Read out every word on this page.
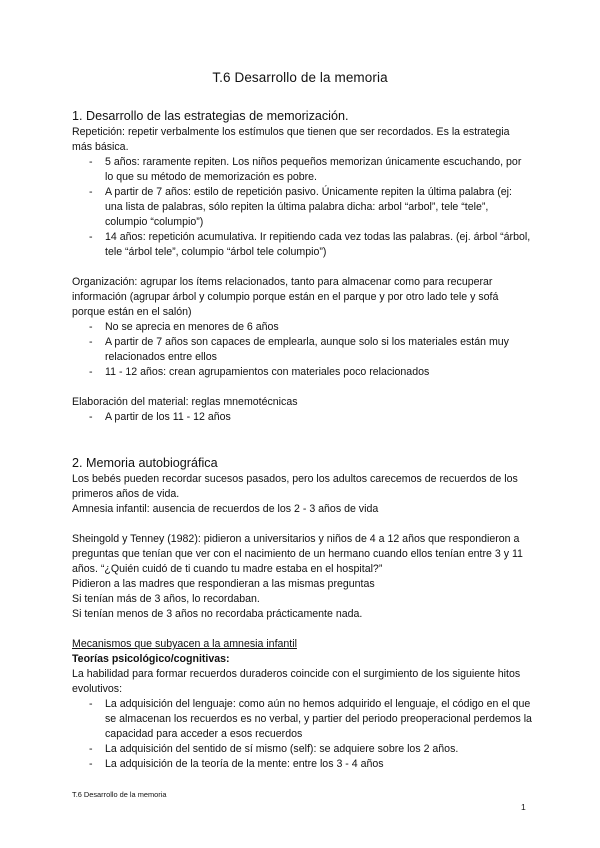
T.6 Desarrollo de la memoria
1. Desarrollo de las estrategias de memorización.

Repetición: repetir verbalmente los estímulos que tienen que ser recordados. Es la estrategia más básica.

- 5 años: raramente repiten. Los niños pequeños memorizan únicamente escuchando, por lo que su método de memorización es pobre.
- A partir de 7 años: estilo de repetición pasivo. Únicamente repiten la última palabra (ej: una lista de palabras, sólo repiten la última palabra dicha: arbol “arbol”, tele “tele”, columpio “columpio”)
- 14 años: repetición acumulativa. Ir repitiendo cada vez todas las palabras. (ej. árbol “árbol, tele “árbol tele”, columpio “árbol tele columpio”)

Organización: agrupar los ítems relacionados, tanto para almacenar como para recuperar información (agrupar árbol y columpio porque están en el parque y por otro lado tele y sofá porque están en el salón)

- No se aprecia en menores de 6 años
- A partir de 7 años son capaces de emplearla, aunque solo si los materiales están muy relacionados entre ellos
- 11 - 12 años: crean agrupamientos con materiales poco relacionados

Elaboración del material: reglas mnemotécnicas

- A partir de los 11 - 12 años
2. Memoria autobiográfica

Los bebés pueden recordar sucesos pasados, pero los adultos carecemos de recuerdos de los primeros años de vida.

Amnesia infantil: ausencia de recuerdos de los 2 - 3 años de vida

Sheingold y Tenney (1982): pidieron a universitarios y niños de 4 a 12 años que respondieron a preguntas que tenían que ver con el nacimiento de un hermano cuando ellos tenían entre 3 y 11 años. “¿Quién cuidó de ti cuando tu madre estaba en el hospital?”

Pidieron a las madres que respondieran a las mismas preguntas

Si tenían más de 3 años, lo recordaban.

Si tenían menos de 3 años no recordaba prácticamente nada.

Mecanismos que subyacen a la amnesia infantil

Teorías psicológico/cognitivas:

La habilidad para formar recuerdos duraderos coincide con el surgimiento de los siguiente hitos evolutivos:

- La adquisición del lenguaje: como aún no hemos adquirido el lenguaje, el código en el que se almacenan los recuerdos es no verbal, y partier del periodo preoperacional perdemos la capacidad para acceder a esos recuerdos
- La adquisición del sentido de sí mismo (self): se adquiere sobre los 2 años.
- La adquisición de la teoría de la mente: entre los 3 - 4 años
T.6 Desarrollo de la memoria
1
